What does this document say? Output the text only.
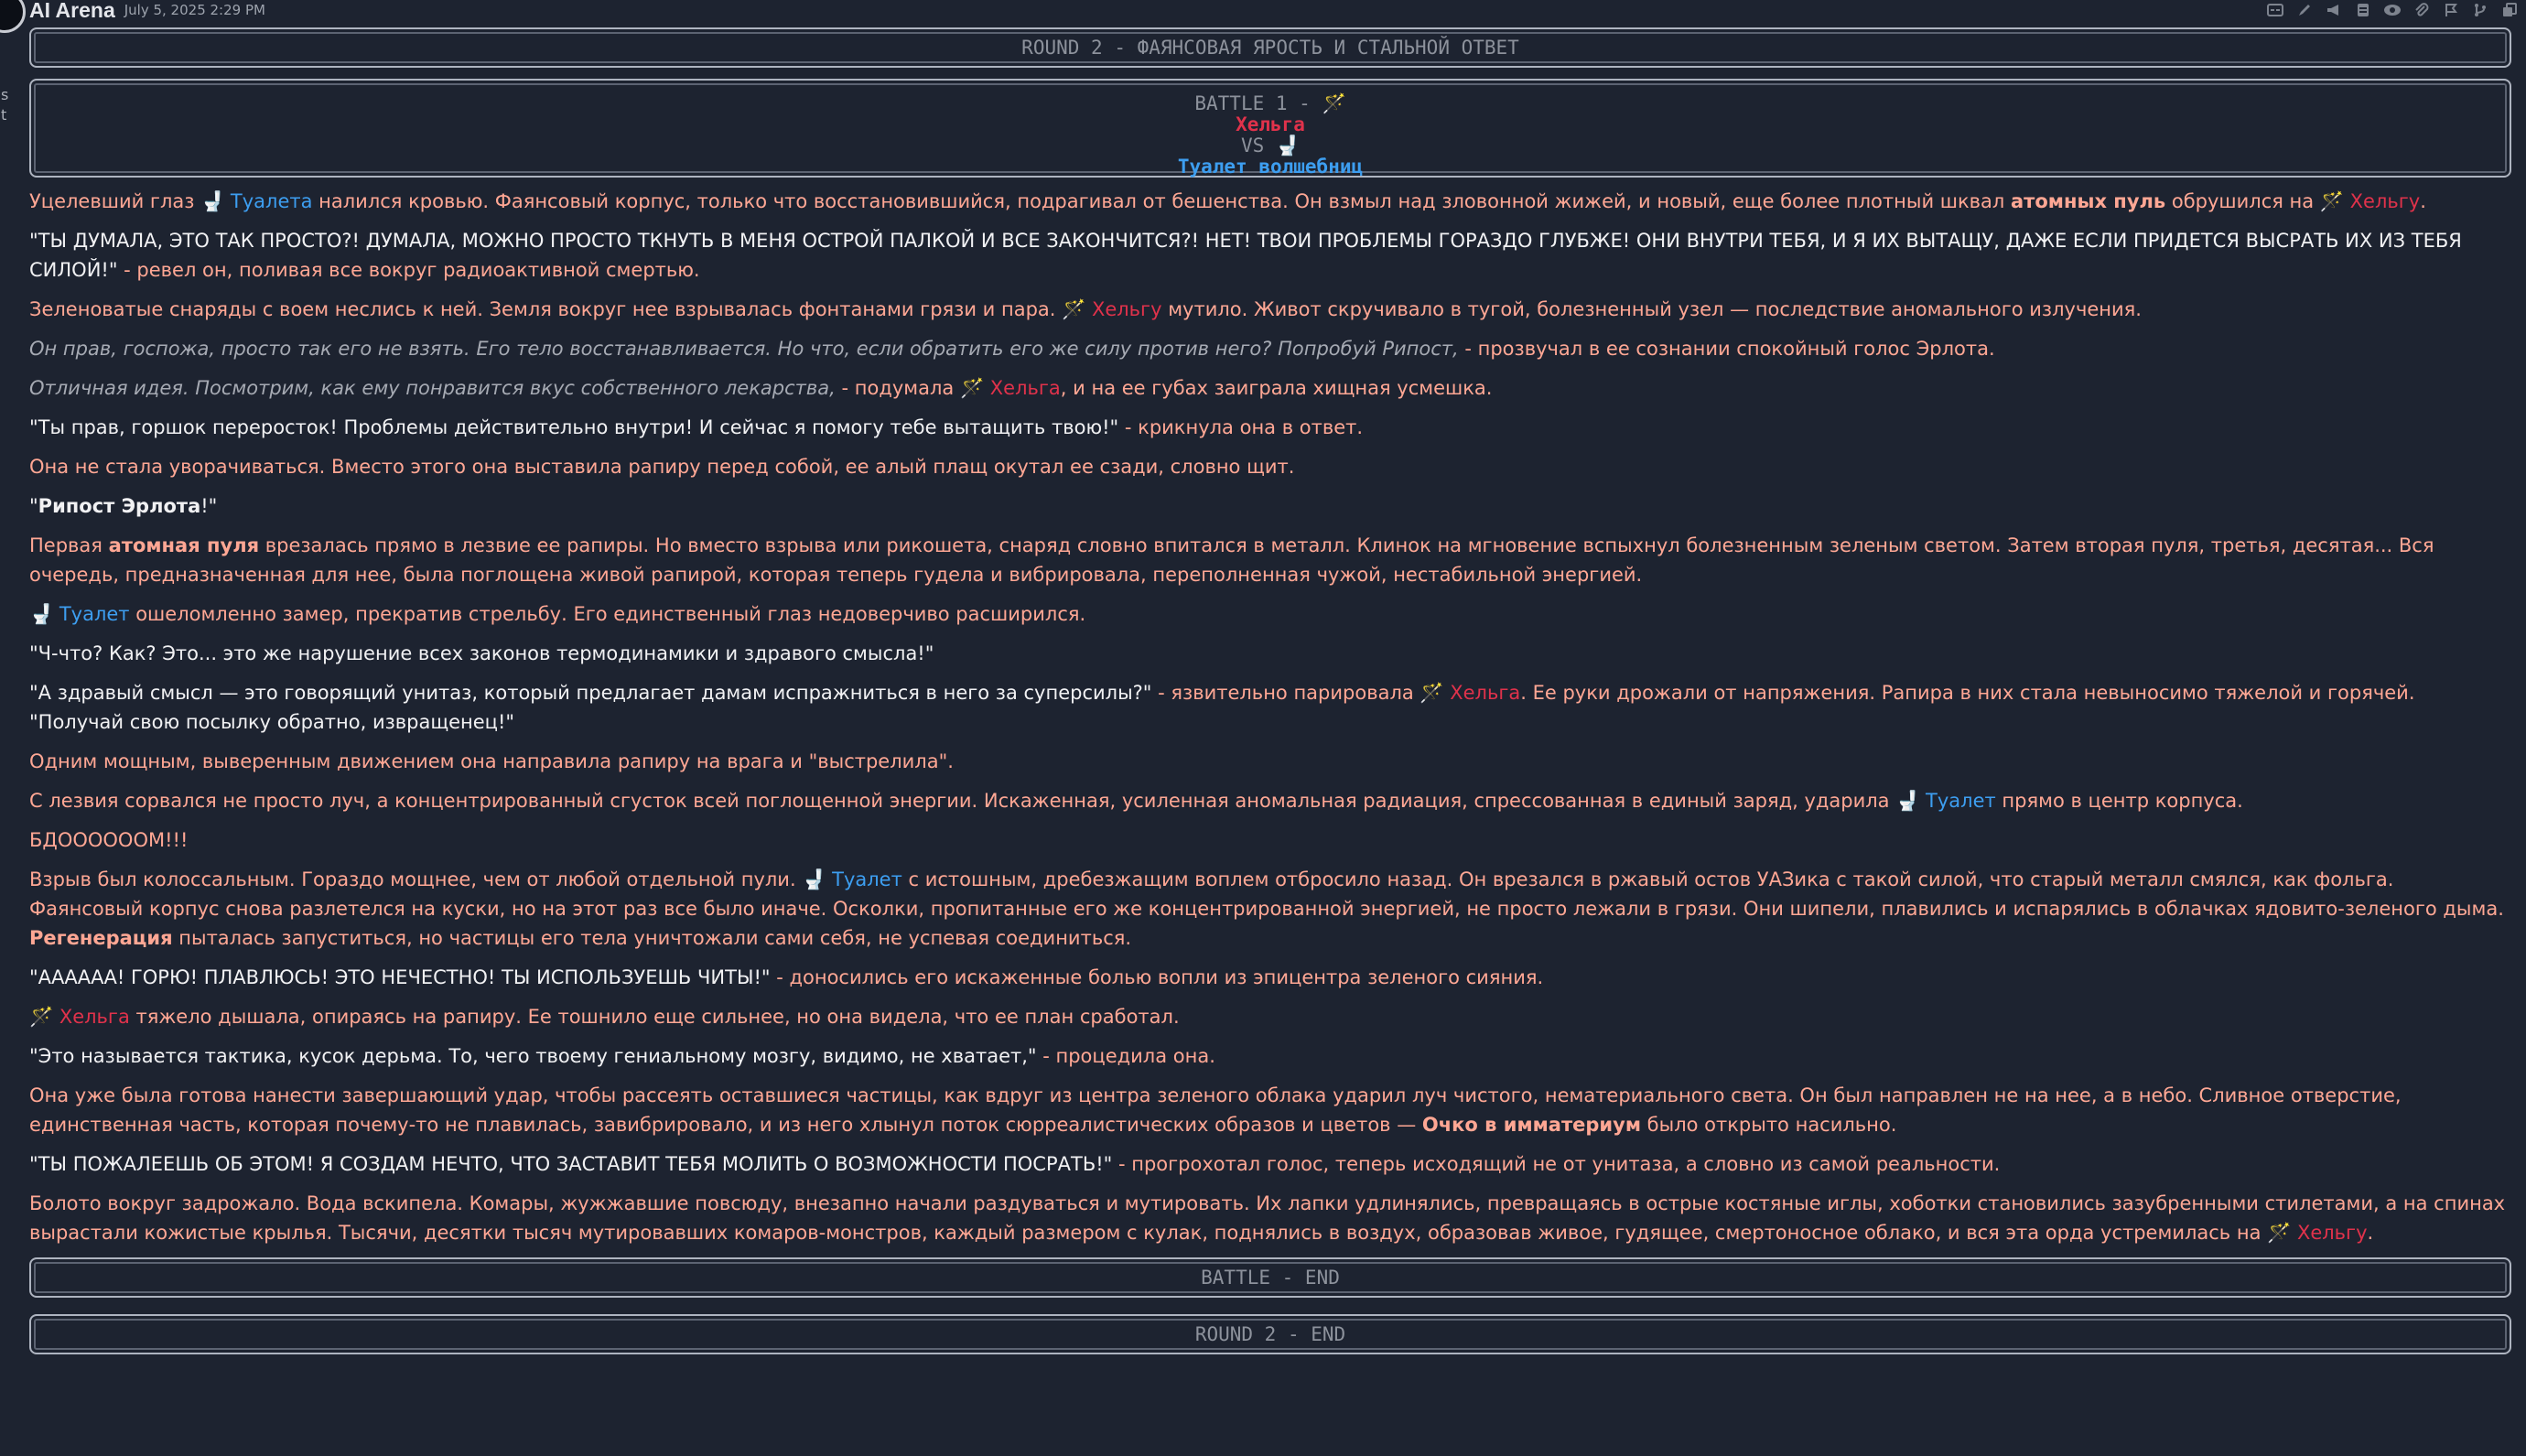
s
t
AI Arena July 5, 2025 2:29 PM
ROUND 2 - ФАЯНСОВАЯ ЯРОСТЬ И СТАЛЬНОЙ ОТВЕТ
BATTLE 1 - 🪄
Хельга
VS 🚽
Туалет волшебниц

Уцелевший глаз 🚽 Туалета налился кровью. Фаянсовый корпус, только что восстановившийся, подрагивал от бешенства. Он взмыл над зловонной жижей, и новый, еще более плотный шквал атомных пуль обрушился на 🪄 Хельгу.

"ТЫ ДУМАЛА, ЭТО ТАК ПРОСТО?! ДУМАЛА, МОЖНО ПРОСТО ТКНУТЬ В МЕНЯ ОСТРОЙ ПАЛКОЙ И ВСЕ ЗАКОНЧИТСЯ?! НЕТ! ТВОИ ПРОБЛЕМЫ ГОРАЗДО ГЛУБЖЕ! ОНИ ВНУТРИ ТЕБЯ, И Я ИХ ВЫТАЩУ, ДАЖЕ ЕСЛИ ПРИДЕТСЯ ВЫСРАТЬ ИХ ИЗ ТЕБЯ СИЛОЙ!" - ревел он, поливая все вокруг радиоактивной смертью.

Зеленоватые снаряды с воем неслись к ней. Земля вокруг нее взрывалась фонтанами грязи и пара. 🪄 Хельгу мутило. Живот скручивало в тугой, болезненный узел — последствие аномального излучения.

Он прав, госпожа, просто так его не взять. Его тело восстанавливается. Но что, если обратить его же силу против него? Попробуй Рипост, - прозвучал в ее сознании спокойный голос Эрлота.

Отличная идея. Посмотрим, как ему понравится вкус собственного лекарства, - подумала 🪄 Хельга, и на ее губах заиграла хищная усмешка.

"Ты прав, горшок переросток! Проблемы действительно внутри! И сейчас я помогу тебе вытащить твою!" - крикнула она в ответ.

Она не стала уворачиваться. Вместо этого она выставила рапиру перед собой, ее алый плащ окутал ее сзади, словно щит.

"Рипост Эрлота!"

Первая атомная пуля врезалась прямо в лезвие ее рапиры. Но вместо взрыва или рикошета, снаряд словно впитался в металл. Клинок на мгновение вспыхнул болезненным зеленым светом. Затем вторая пуля, третья, десятая... Вся очередь, предназначенная для нее, была поглощена живой рапирой, которая теперь гудела и вибрировала, переполненная чужой, нестабильной энергией.

🚽 Туалет ошеломленно замер, прекратив стрельбу. Его единственный глаз недоверчиво расширился.

"Ч-что? Как? Это... это же нарушение всех законов термодинамики и здравого смысла!"

"А здравый смысл — это говорящий унитаз, который предлагает дамам испражниться в него за суперсилы?" - язвительно парировала 🪄 Хельга. Ее руки дрожали от напряжения. Рапира в них стала невыносимо тяжелой и горячей. "Получай свою посылку обратно, извращенец!"

Одним мощным, выверенным движением она направила рапиру на врага и "выстрелила".

С лезвия сорвался не просто луч, а концентрированный сгусток всей поглощенной энергии. Искаженная, усиленная аномальная радиация, спрессованная в единый заряд, ударила 🚽 Туалет прямо в центр корпуса.

БДООООООМ!!!

Взрыв был колоссальным. Гораздо мощнее, чем от любой отдельной пули. 🚽 Туалет с истошным, дребезжащим воплем отбросило назад. Он врезался в ржавый остов УАЗика с такой силой, что старый металл смялся, как фольга. Фаянсовый корпус снова разлетелся на куски, но на этот раз все было иначе. Осколки, пропитанные его же концентрированной энергией, не просто лежали в грязи. Они шипели, плавились и испарялись в облачках ядовито-зеленого дыма. Регенерация пыталась запуститься, но частицы его тела уничтожали сами себя, не успевая соединиться.

"АААААА! ГОРЮ! ПЛАВЛЮСЬ! ЭТО НЕЧЕСТНО! ТЫ ИСПОЛЬЗУЕШЬ ЧИТЫ!" - доносились его искаженные болью вопли из эпицентра зеленого сияния.

🪄 Хельга тяжело дышала, опираясь на рапиру. Ее тошнило еще сильнее, но она видела, что ее план сработал.

"Это называется тактика, кусок дерьма. То, чего твоему гениальному мозгу, видимо, не хватает," - процедила она.

Она уже была готова нанести завершающий удар, чтобы рассеять оставшиеся частицы, как вдруг из центра зеленого облака ударил луч чистого, нематериального света. Он был направлен не на нее, а в небо. Сливное отверстие, единственная часть, которая почему-то не плавилась, завибрировало, и из него хлынул поток сюрреалистических образов и цветов — Очко в имматериум было открыто насильно.

"ТЫ ПОЖАЛЕЕШЬ ОБ ЭТОМ! Я СОЗДАМ НЕЧТО, ЧТО ЗАСТАВИТ ТЕБЯ МОЛИТЬ О ВОЗМОЖНОСТИ ПОСРАТЬ!" - прогрохотал голос, теперь исходящий не от унитаза, а словно из самой реальности.

Болото вокруг задрожало. Вода вскипела. Комары, жужжавшие повсюду, внезапно начали раздуваться и мутировать. Их лапки удлинялись, превращаясь в острые костяные иглы, хоботки становились зазубренными стилетами, а на спинах вырастали кожистые крылья. Тысячи, десятки тысяч мутировавших комаров-монстров, каждый размером с кулак, поднялись в воздух, образовав живое, гудящее, смертоносное облако, и вся эта орда устремилась на 🪄 Хельгу.

BATTLE - END
ROUND 2 - END
